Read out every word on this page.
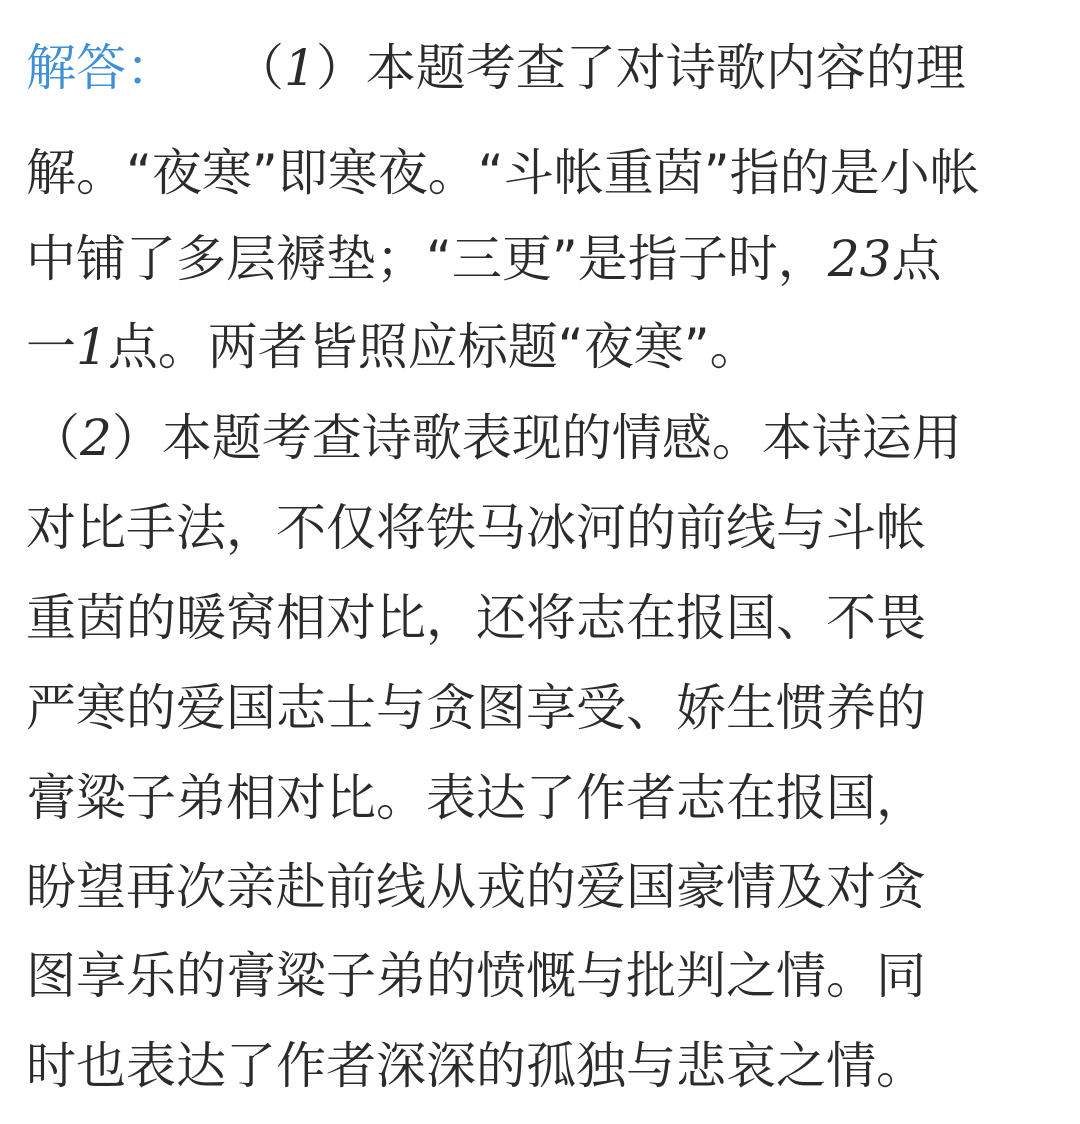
解答： （1）本题考查了对诗歌内容的理
解。“夜寒”即寒夜。“斗帐重茵”指的是小帐
中铺了多层褥垫；“三更”是指子时，23点
一1点。两者皆照应标题“夜寒”。
（2）本题考查诗歌表现的情感。本诗运用
对比手法，不仅将铁马冰河的前线与斗帐
重茵的暖窝相对比，还将志在报国、不畏
严寒的爱国志士与贪图享受、娇生惯养的
膏粱子弟相对比。表达了作者志在报国，
盼望再次亲赴前线从戎的爱国豪情及对贪
图享乐的膏粱子弟的愤慨与批判之情。同
时也表达了作者深深的孤独与悲哀之情。
